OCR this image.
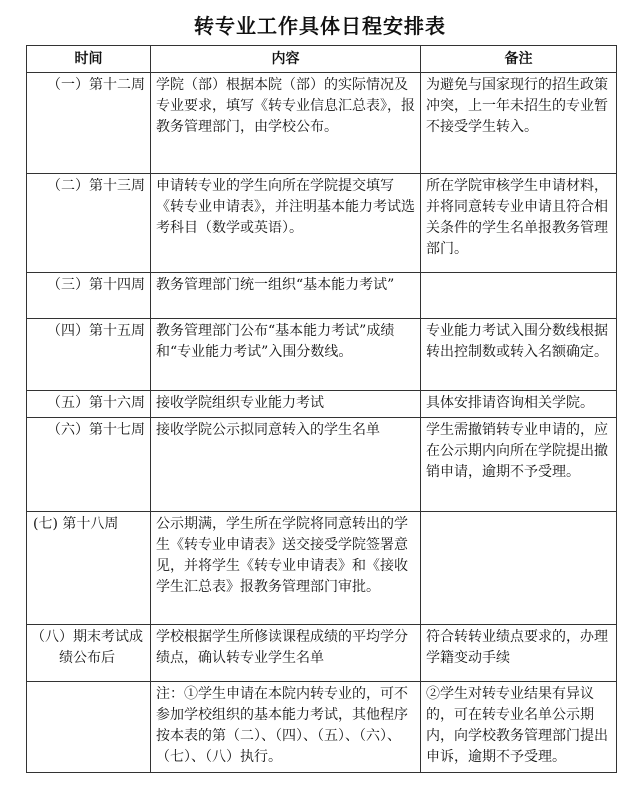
转专业工作具体日程安排表
时间	内容	备注
（一）第十二周	学院（部）根据本院（部）的实际情况及专业要求，填写《转专业信息汇总表》，报教务管理部门，由学校公布。	为避免与国家现行的招生政策冲突，上一年未招生的专业暂不接受学生转入。
（二）第十三周	申请转专业的学生向所在学院提交填写《转专业申请表》，并注明基本能力考试选考科目（数学或英语）。	所在学院审核学生申请材料，并将同意转专业申请且符合相关条件的学生名单报教务管理部门。
（三）第十四周	教务管理部门统一组织“基本能力考试”	
（四）第十五周	教务管理部门公布“基本能力考试”成绩和“专业能力考试”入围分数线。	专业能力考试入围分数线根据转出控制数或转入名额确定。
（五）第十六周	接收学院组织专业能力考试	具体安排请咨询相关学院。
（六）第十七周	接收学院公示拟同意转入的学生名单	学生需撤销转专业申请的，应在公示期内向所在学院提出撤销申请，逾期不予受理。
(七) 第十八周	公示期满，学生所在学院将同意转出的学生《转专业申请表》送交接受学院签署意见，并将学生《转专业申请表》和《接收学生汇总表》报教务管理部门审批。	
（八）期末考试成绩公布后	学校根据学生所修读课程成绩的平均学分绩点，确认转专业学生名单	符合转转业绩点要求的，办理学籍变动手续
	注：①学生申请在本院内转专业的，可不参加学校组织的基本能力考试，其他程序按本表的第（二）、（四）、（五）、（六）、（七）、（八）执行。	②学生对转专业结果有异议的，可在转专业名单公示期内，向学校教务管理部门提出申诉，逾期不予受理。
